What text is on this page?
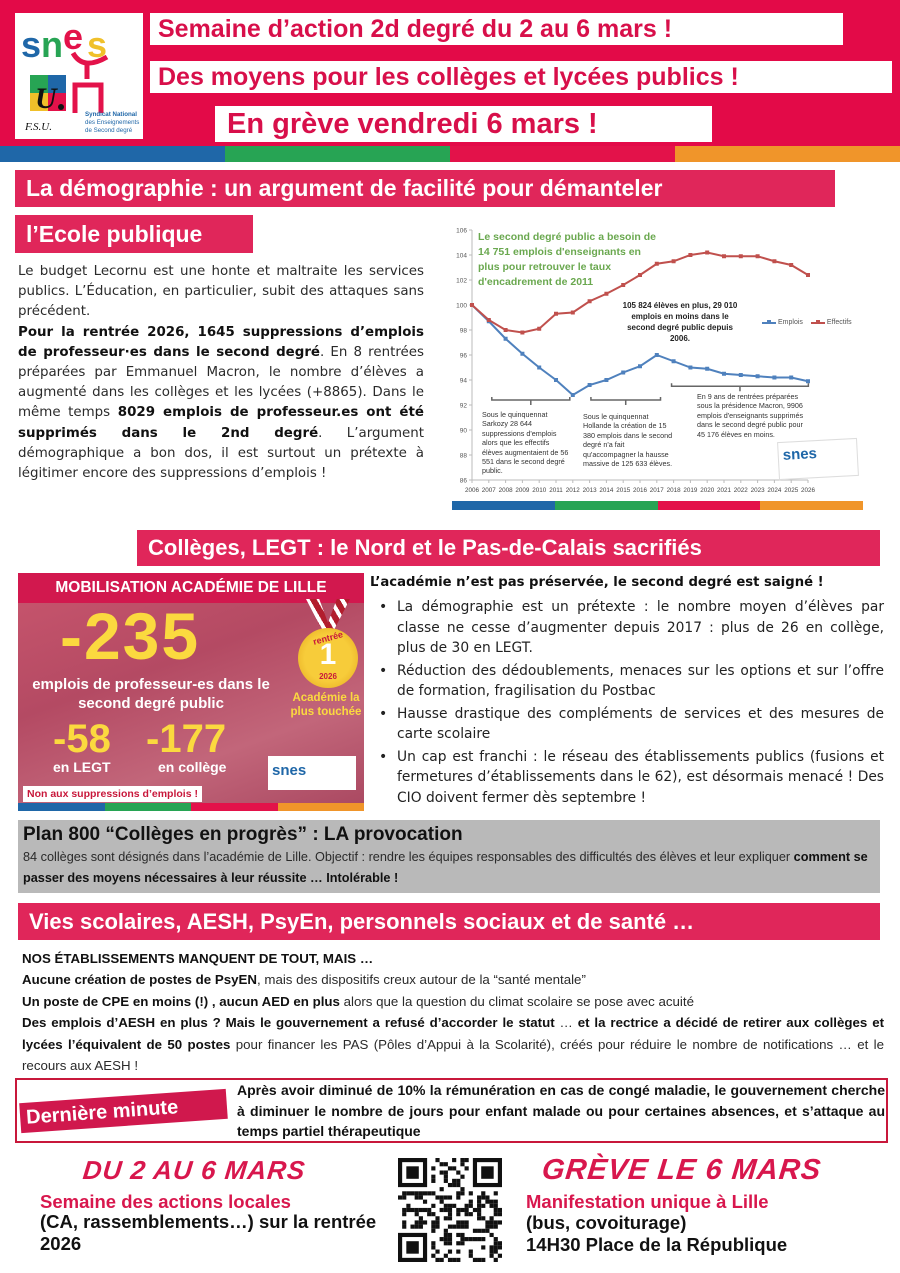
s n e s
U
F.S.U.
Syndicat National
des Enseignements
de Second degré
Semaine d’action 2d degré du 2 au 6 mars !
Des moyens pour les collèges et lycées publics !
En grève vendredi 6 mars !
La démographie : un argument de facilité pour démanteler
l’Ecole publique

Le budget Lecornu est une honte et maltraite les services publics. L’Éducation, en particulier, subit des attaques sans précédent.

Pour la rentrée 2026, 1645 suppressions d’emplois de professeur·es dans le second degré. En 8 rentrées préparées par Emmanuel Macron, le nombre d’élèves a augmenté dans les collèges et les lycées (+8865). Dans le même temps 8029 emplois de professeur.es ont été supprimés dans le 2nd degré. L’argument démographique a bon dos, il est surtout un prétexte à légitimer encore des suppressions d’emplois !	86
88
90
92
94
96
98
100
102
104
106
2006 2007 2008 2009 2010 2011 2012 2013 2014 2015 2016 2017 2018 2019 2020 2021 2022 2023 2024 2025 2026
Le second degré public a besoin de 14 751 emplois d'enseignants en plus pour retrouver le taux d'encadrement de 2011
105 824 élèves en plus, 29 010 emplois en moins dans le second degré public depuis 2006.
Emplois	Effectifs
Sous le quinquennat Sarkozy 28 644 suppressions d'emplois alors que les effectifs élèves augmentaient de 56 551 dans le second degré public.
Sous le quinquennat Hollande la création de 15 380 emplois dans le second degré n'a fait qu'accompagner la hausse massive de 125 633 élèves.
En 9 ans de rentrées préparées sous la présidence Macron, 9906 emplois d'enseignants supprimés dans le second degré public pour 45 176 élèves en moins.
snes
Collèges, LEGT : le Nord et le Pas-de-Calais sacrifiés
MOBILISATION ACADÉMIE DE LILLE
-235
emplois de professeur-es dans le second degré public
-58 -177
en LEGT	en collège
rentrée
1
2026
Académie la plus touchée
snes
Non aux suppressions d’emplois !
L’académie n’est pas préservée, le second degré est saigné !
• La démographie est un prétexte : le nombre moyen d’élèves par classe ne cesse d’augmenter depuis 2017 : plus de 26 en collège, plus de 30 en LEGT.
• Réduction des dédoublements, menaces sur les options et sur l’offre de formation, fragilisation du Postbac
• Hausse drastique des compléments de services et des mesures de carte scolaire
• Un cap est franchi : le réseau des établissements publics (fusions et fermetures d’établissements dans le 62), est désormais menacé ! Des CIO doivent fermer dès septembre !
Plan 800 “Collèges en progrès” : LA provocation
84 collèges sont désignés dans l’académie de Lille. Objectif : rendre les équipes responsables des difficultés des élèves et leur expliquer comment se passer des moyens nécessaires à leur réussite … Intolérable !
Vies scolaires, AESH, PsyEn, personnels sociaux et de santé …

NOS ÉTABLISSEMENTS MANQUENT DE TOUT, MAIS …

Aucune création de postes de PsyEN, mais des dispositifs creux autour de la “santé mentale”

Un poste de CPE en moins (!) , aucun AED en plus alors que la question du climat scolaire se pose avec acuité

Des emplois d’AESH en plus ? Mais le gouvernement a refusé d’accorder le statut … et la rectrice a décidé de retirer aux collèges et lycées l’équivalent de 50 postes pour financer les PAS (Pôles d’Appui à la Scolarité), créés pour réduire le nombre de notifications … et le recours aux AESH !

Dernière minute
Après avoir diminué de 10% la rémunération en cas de congé maladie, le gouvernement cherche à diminuer le nombre de jours pour enfant malade ou pour certaines absences, et s’attaque au temps partiel thérapeutique
DU 2 AU 6 MARS
Semaine des actions locales
(CA, rassemblements…) sur la rentrée 2026
GRÈVE LE 6 MARS
Manifestation unique à Lille
(bus, covoiturage)
14H30 Place de la République
